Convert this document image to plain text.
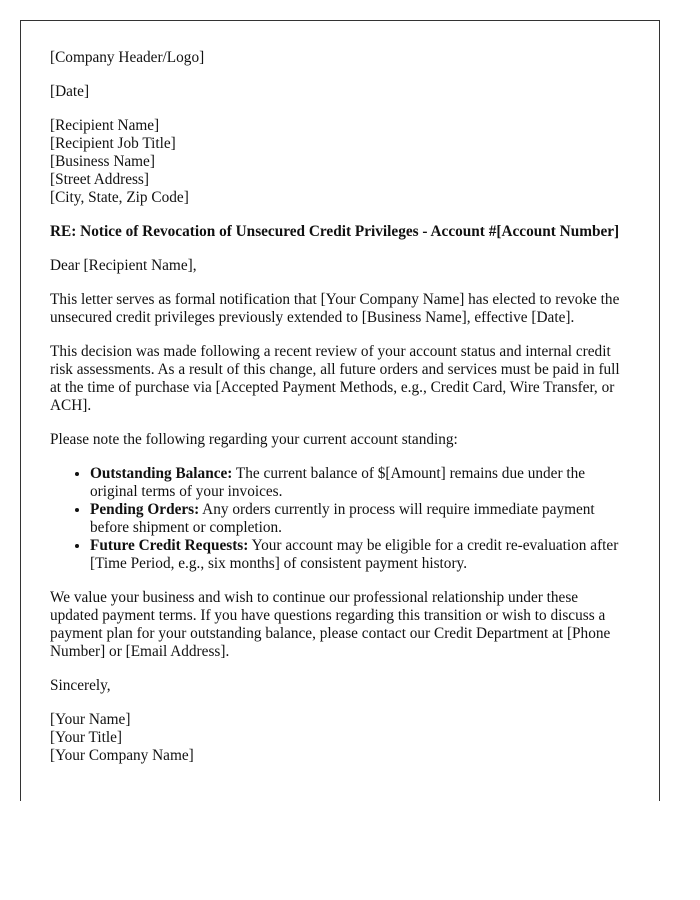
[Company Header/Logo]

[Date]

[Recipient Name]
[Recipient Job Title]
[Business Name]
[Street Address]
[City, State, Zip Code]

RE: Notice of Revocation of Unsecured Credit Privileges - Account #[Account Number]

Dear [Recipient Name],

This letter serves as formal notification that [Your Company Name] has elected to revoke the unsecured credit privileges previously extended to [Business Name], effective [Date].

This decision was made following a recent review of your account status and internal credit risk assessments. As a result of this change, all future orders and services must be paid in full at the time of purchase via [Accepted Payment Methods, e.g., Credit Card, Wire Transfer, or ACH].

Please note the following regarding your current account standing:

• Outstanding Balance: The current balance of $[Amount] remains due under the original terms of your invoices.
• Pending Orders: Any orders currently in process will require immediate payment before shipment or completion.
• Future Credit Requests: Your account may be eligible for a credit re-evaluation after [Time Period, e.g., six months] of consistent payment history.

We value your business and wish to continue our professional relationship under these updated payment terms. If you have questions regarding this transition or wish to discuss a payment plan for your outstanding balance, please contact our Credit Department at [Phone Number] or [Email Address].

Sincerely,

[Your Name]
[Your Title]
[Your Company Name]
